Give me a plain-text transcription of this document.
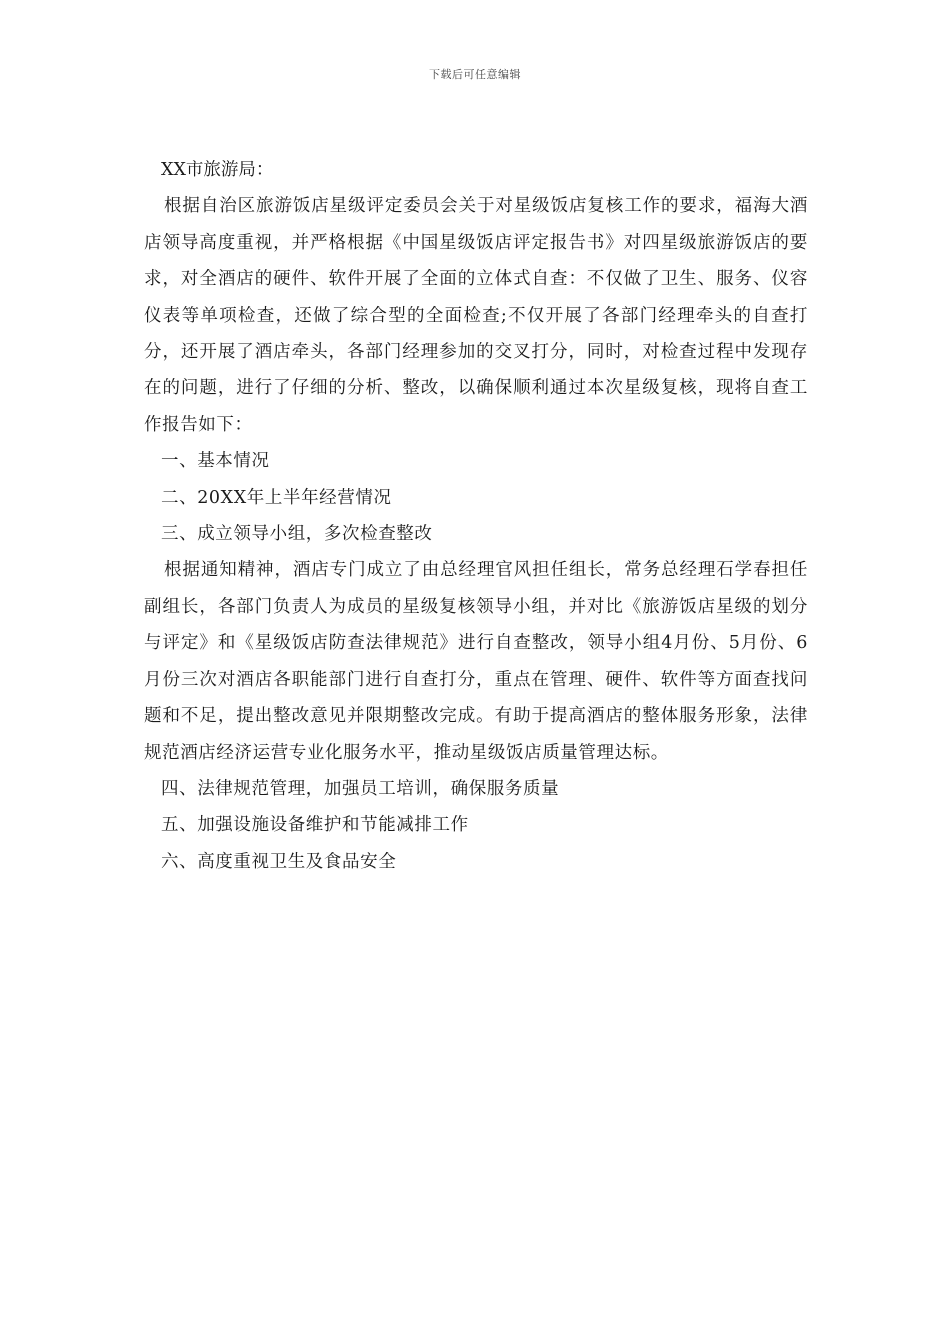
下载后可任意编辑

XX市旅游局：

根据自治区旅游饭店星级评定委员会关于对星级饭店复核工作的要求，福海大酒店领导高度重视，并严格根据《中国星级饭店评定报告书》对四星级旅游饭店的要求，对全酒店的硬件、软件开展了全面的立体式自查：不仅做了卫生、服务、仪容仪表等单项检查，还做了综合型的全面检查;不仅开展了各部门经理牵头的自查打分，还开展了酒店牵头，各部门经理参加的交叉打分，同时，对检查过程中发现存在的问题，进行了仔细的分析、整改，以确保顺利通过本次星级复核，现将自查工作报告如下：

一、基本情况

二、20XX年上半年经营情况

三、成立领导小组，多次检查整改

根据通知精神，酒店专门成立了由总经理官风担任组长，常务总经理石学春担任副组长，各部门负责人为成员的星级复核领导小组，并对比《旅游饭店星级的划分与评定》和《星级饭店防查法律规范》进行自查整改，领导小组4月份、5月份、6月份三次对酒店各职能部门进行自查打分，重点在管理、硬件、软件等方面查找问题和不足，提出整改意见并限期整改完成。有助于提高酒店的整体服务形象，法律规范酒店经济运营专业化服务水平，推动星级饭店质量管理达标。

四、法律规范管理，加强员工培训，确保服务质量

五、加强设施设备维护和节能减排工作

六、高度重视卫生及食品安全
